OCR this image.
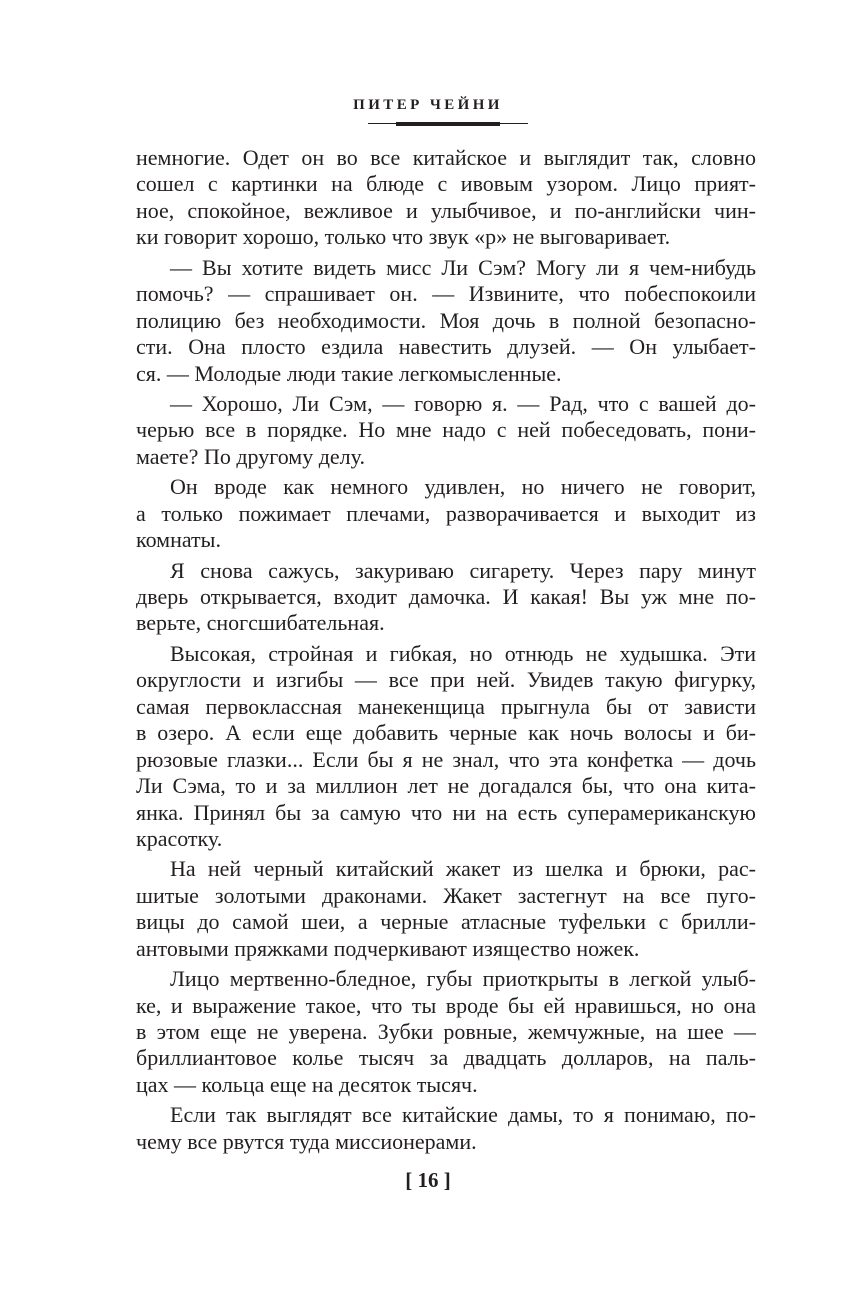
ПИТЕР ЧЕЙНИ
немногие. Одет он во все китайское и выглядит так, словно
сошел с картинки на блюде с ивовым узором. Лицо прият-
ное, спокойное, вежливое и улыбчивое, и по-английски чин-
ки говорит хорошо, только что звук «р» не выговаривает.
— Вы хотите видеть мисс Ли Сэм? Могу ли я чем-нибудь
помочь? — спрашивает он. — Извините, что побеспокоили
полицию без необходимости. Моя дочь в полной безопасно-
сти. Она плосто ездила навестить длузей. — Он улыбает-
ся. — Молодые люди такие легкомысленные.
— Хорошо, Ли Сэм, — говорю я. — Рад, что с вашей до-
черью все в порядке. Но мне надо с ней побеседовать, пони-
маете? По другому делу.
Он вроде как немного удивлен, но ничего не говорит,
а только пожимает плечами, разворачивается и выходит из
комнаты.
Я снова сажусь, закуриваю сигарету. Через пару минут
дверь открывается, входит дамочка. И какая! Вы уж мне по-
верьте, сногсшибательная.
Высокая, стройная и гибкая, но отнюдь не худышка. Эти
округлости и изгибы — все при ней. Увидев такую фигурку,
самая первоклассная манекенщица прыгнула бы от зависти
в озеро. А если еще добавить черные как ночь волосы и би-
рюзовые глазки... Если бы я не знал, что эта конфетка — дочь
Ли Сэма, то и за миллион лет не догадался бы, что она кита-
янка. Принял бы за самую что ни на есть суперамериканскую
красотку.
На ней черный китайский жакет из шелка и брюки, рас-
шитые золотыми драконами. Жакет застегнут на все пуго-
вицы до самой шеи, а черные атласные туфельки с брилли-
антовыми пряжками подчеркивают изящество ножек.
Лицо мертвенно-бледное, губы приоткрыты в легкой улыб-
ке, и выражение такое, что ты вроде бы ей нравишься, но она
в этом еще не уверена. Зубки ровные, жемчужные, на шее —
бриллиантовое колье тысяч за двадцать долларов, на паль-
цах — кольца еще на десяток тысяч.
Если так выглядят все китайские дамы, то я понимаю, по-
чему все рвутся туда миссионерами.
[ 16 ]
